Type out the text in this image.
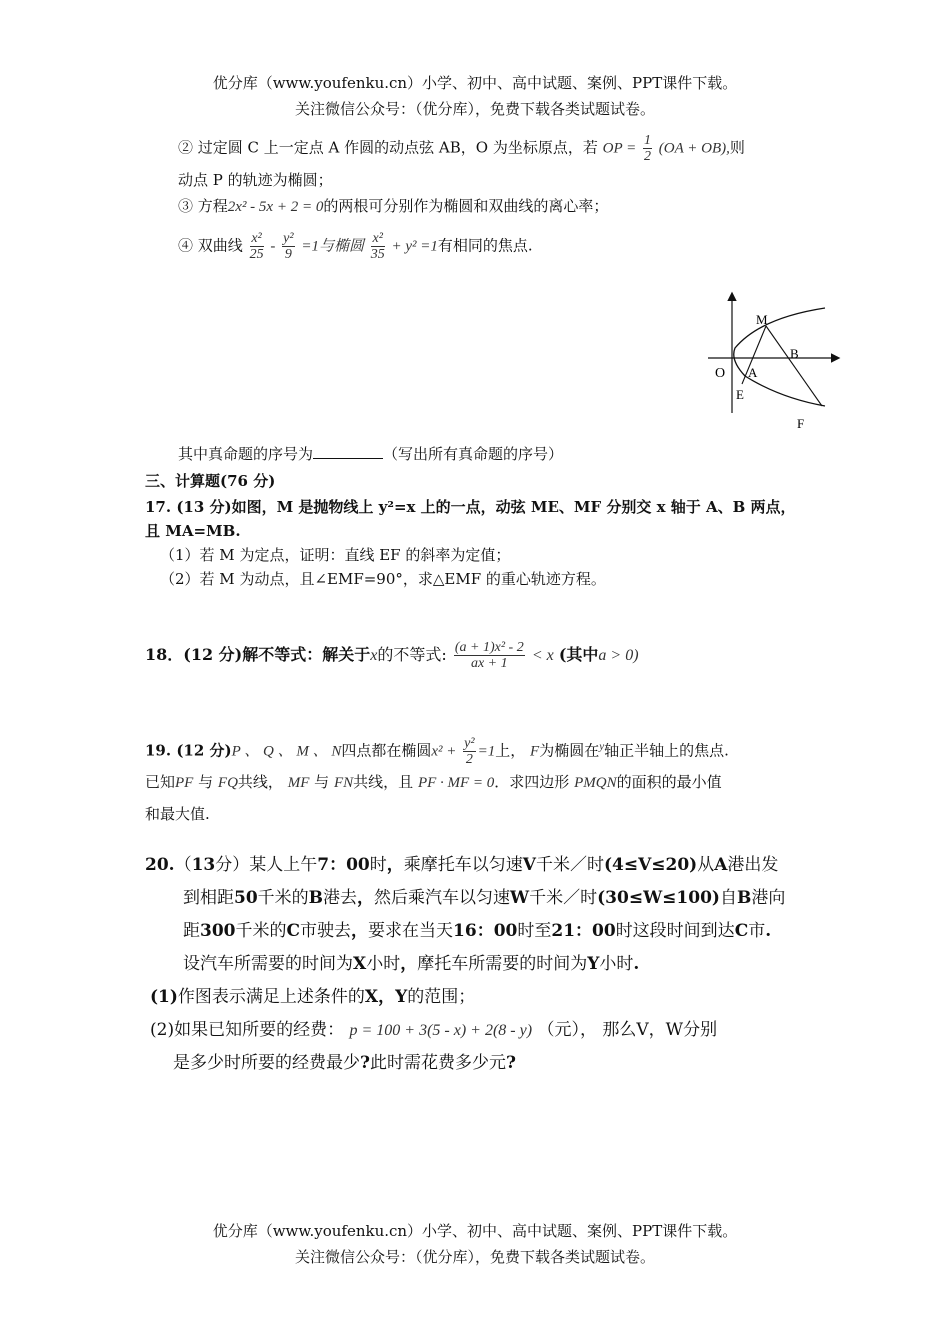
优分库（www.youfenku.cn）小学、初中、高中试题、案例、PPT课件下载。
关注微信公众号：（优分库），免费下载各类试题试卷。
② 过定圆 C 上一定点 A 作圆的动点弦 AB，O 为坐标原点，若 OP = $\frac{1}{2} (OA + OB)$,则
动点 P 的轨迹为椭圆；
③ 方程2x² - 5x + 2 = 0的两根可分别作为椭圆和双曲线的离心率；
④ 双曲线 $\frac{\text{x²}}{25} - \frac{\text{y²}}{9} =1$与椭圆 $\frac{\text{x²}}{35} + y^2 =1$有相同的焦点.
M
B
O A
E
F
其中真命题的序号为	（写出所有真命题的序号）
三、计算题(76 分)
17. (13 分)如图，M 是抛物线上 y²=x 上的一点，动弦 ME、MF 分别交 x 轴于 A、B 两点，
且 MA=MB.
（1）若 M 为定点，证明：直线 EF 的斜率为定值；
（2）若 M 为动点，且∠EMF=90°，求△EMF 的重心轨迹方程。
18．(12 分)解不等式：解关于x的不等式: $\frac{\text{(a + 1)x² - 2}}{ax + 1} < x$ (其中a > 0)
19. (12 分)P 、 Q 、 M 、 N四点都在椭圆$x^2 + \frac{\text{y²}}{2} =1$上， F为椭圆在$^y$轴正半轴上的焦点.
已知PF 与 FQ共线， MF 与 FN共线，且 PF · MF = 0．求四边形 PMQN的面积的最小值
和最大值.
20.（13分）某人上午7：00时，乘摩托车以匀速V千米／时(4≤V≤20)从A港出发
到相距50千米的B港去，然后乘汽车以匀速W千米／时(30≤W≤100)自B港向
距300千米的C市驶去，要求在当天16：00时至21：00时这段时间到达C市.
设汽车所需要的时间为X小时，摩托车所需要的时间为Y小时.
(1)作图表示满足上述条件的X，Y的范围；
(2)如果已知所要的经费： p = 100 + 3(5 - x) + 2(8 - y) （元）， 那么V，W分别
是多少时所要的经费最少?此时需花费多少元?
优分库（www.youfenku.cn）小学、初中、高中试题、案例、PPT课件下载。
关注微信公众号：（优分库），免费下载各类试题试卷。
